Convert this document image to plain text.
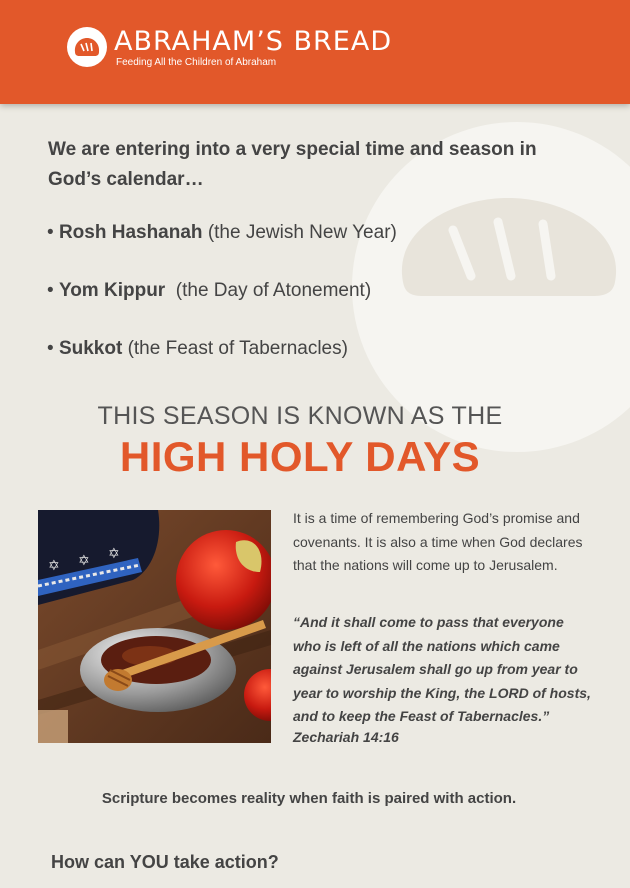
ABRAHAM’S BREAD
Feeding All the Children of Abraham
We are entering into a very special time and season in God’s calendar…
• Rosh Hashanah (the Jewish New Year)
• Yom Kippur (the Day of Atonement)
• Sukkot (the Feast of Tabernacles)
THIS SEASON IS KNOWN AS THE
HIGH HOLY DAYS
✡ ✡ ✡
It is a time of remembering God’s promise and covenants. It is also a time when God declares that the nations will come up to Jerusalem.
“And it shall come to pass that everyone who is left of all the nations which came against Jerusalem shall go up from year to year to worship the King, the LORD of hosts, and to keep the Feast of Tabernacles.”
Zechariah 14:16
Scripture becomes reality when faith is paired with action.
How can YOU take action?
